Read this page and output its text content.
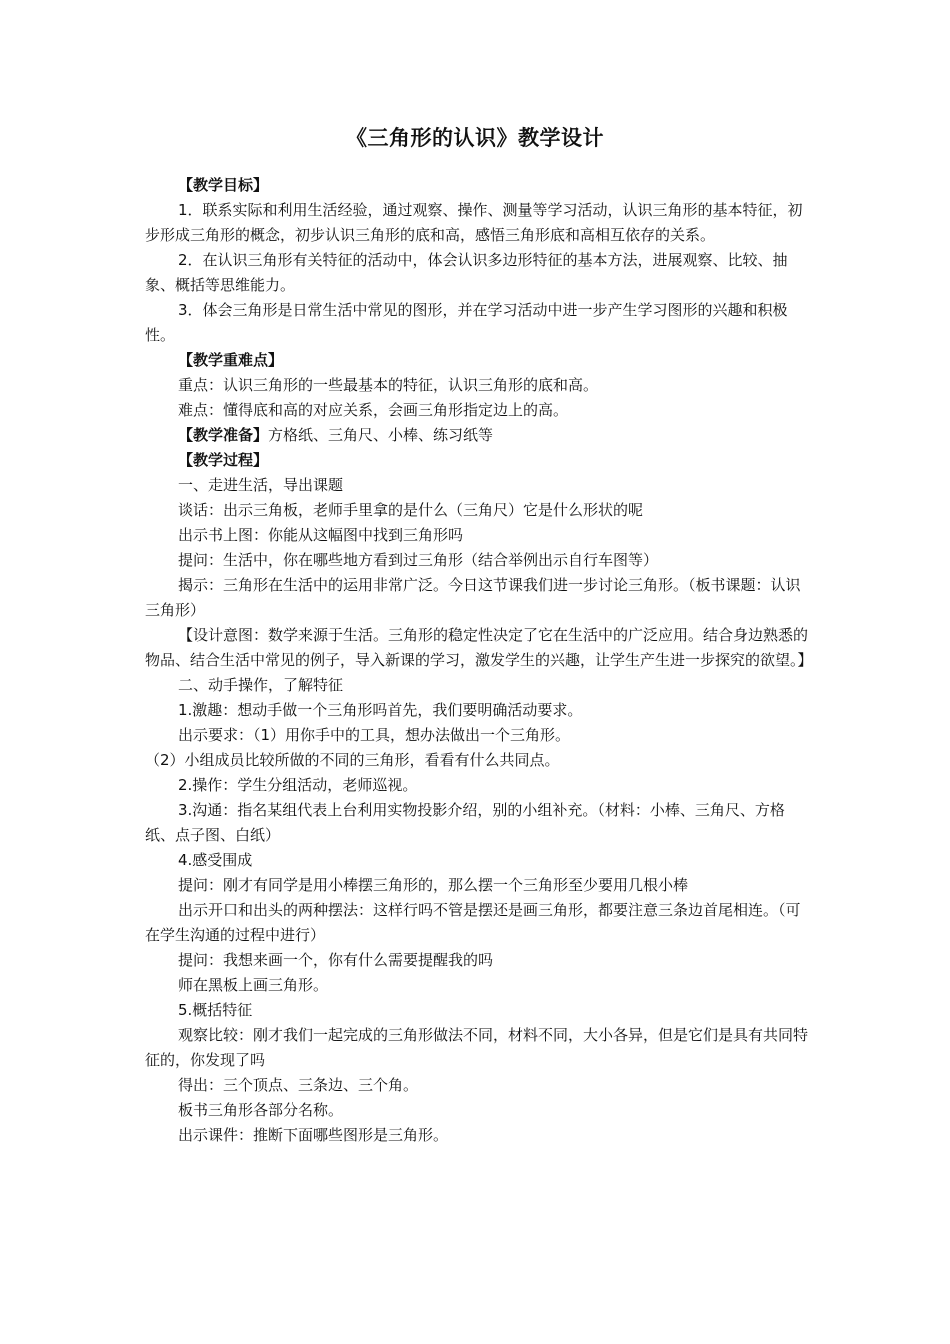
《三角形的认识》教学设计

【教学目标】

1．联系实际和利用生活经验，通过观察、操作、测量等学习活动，认识三角形的基本特征，初步形成三角形的概念，初步认识三角形的底和高，感悟三角形底和高相互依存的关系。

2．在认识三角形有关特征的活动中，体会认识多边形特征的基本方法，进展观察、比较、抽象、概括等思维能力。

3．体会三角形是日常生活中常见的图形，并在学习活动中进一步产生学习图形的兴趣和积极性。

【教学重难点】

重点：认识三角形的一些最基本的特征，认识三角形的底和高。

难点：懂得底和高的对应关系，会画三角形指定边上的高。

【教学准备】方格纸、三角尺、小棒、练习纸等

【教学过程】

一、走进生活，导出课题

谈话：出示三角板，老师手里拿的是什么（三角尺）它是什么形状的呢

出示书上图：你能从这幅图中找到三角形吗

提问：生活中，你在哪些地方看到过三角形（结合举例出示自行车图等）

揭示：三角形在生活中的运用非常广泛。今日这节课我们进一步讨论三角形。（板书课题：认识三角形）

【设计意图：数学来源于生活。三角形的稳定性决定了它在生活中的广泛应用。结合身边熟悉的物品、结合生活中常见的例子，导入新课的学习，激发学生的兴趣，让学生产生进一步探究的欲望。】

二、动手操作，了解特征

1.激趣：想动手做一个三角形吗首先，我们要明确活动要求。

出示要求：（1）用你手中的工具，想办法做出一个三角形。

（2）小组成员比较所做的不同的三角形，看看有什么共同点。

2.操作：学生分组活动，老师巡视。

3.沟通：指名某组代表上台利用实物投影介绍，别的小组补充。（材料：小棒、三角尺、方格纸、点子图、白纸）

4.感受围成

提问：刚才有同学是用小棒摆三角形的，那么摆一个三角形至少要用几根小棒

出示开口和出头的两种摆法：这样行吗不管是摆还是画三角形，都要注意三条边首尾相连。（可在学生沟通的过程中进行）

提问：我想来画一个，你有什么需要提醒我的吗

师在黑板上画三角形。

5.概括特征

观察比较：刚才我们一起完成的三角形做法不同，材料不同，大小各异，但是它们是具有共同特征的，你发现了吗

得出：三个顶点、三条边、三个角。

板书三角形各部分名称。

出示课件：推断下面哪些图形是三角形。
